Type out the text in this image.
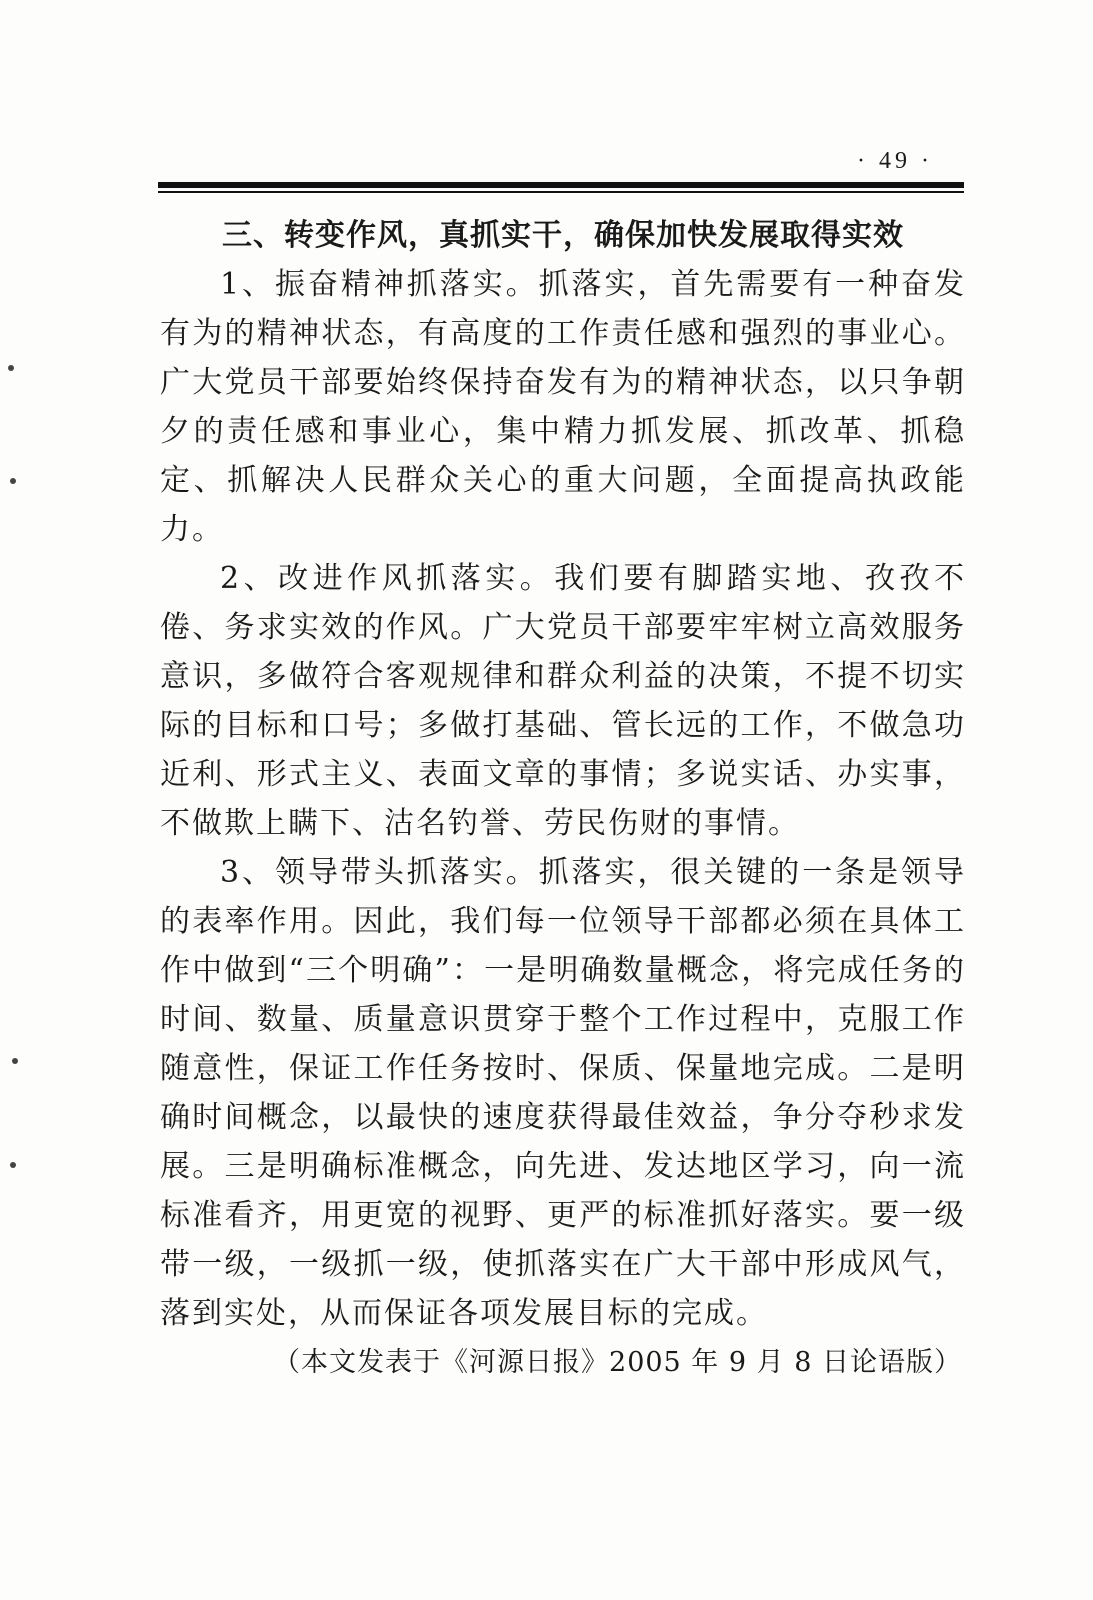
· 49 ·

三、转变作风，真抓实干，确保加快发展取得实效

1、振奋精神抓落实。抓落实，首先需要有一种奋发有为的精神状态，有高度的工作责任感和强烈的事业心。广大党员干部要始终保持奋发有为的精神状态，以只争朝夕的责任感和事业心，集中精力抓发展、抓改革、抓稳定、抓解决人民群众关心的重大问题，全面提高执政能力。

2、改进作风抓落实。我们要有脚踏实地、孜孜不倦、务求实效的作风。广大党员干部要牢牢树立高效服务意识，多做符合客观规律和群众利益的决策，不提不切实际的目标和口号；多做打基础、管长远的工作，不做急功近利、形式主义、表面文章的事情；多说实话、办实事，不做欺上瞒下、沽名钓誉、劳民伤财的事情。

3、领导带头抓落实。抓落实，很关键的一条是领导的表率作用。因此，我们每一位领导干部都必须在具体工作中做到“三个明确”：一是明确数量概念，将完成任务的时间、数量、质量意识贯穿于整个工作过程中，克服工作随意性，保证工作任务按时、保质、保量地完成。二是明确时间概念，以最快的速度获得最佳效益，争分夺秒求发展。三是明确标准概念，向先进、发达地区学习，向一流标准看齐，用更宽的视野、更严的标准抓好落实。要一级带一级，一级抓一级，使抓落实在广大干部中形成风气，落到实处，从而保证各项发展目标的完成。

（本文发表于《河源日报》2005 年 9 月 8 日论语版）
